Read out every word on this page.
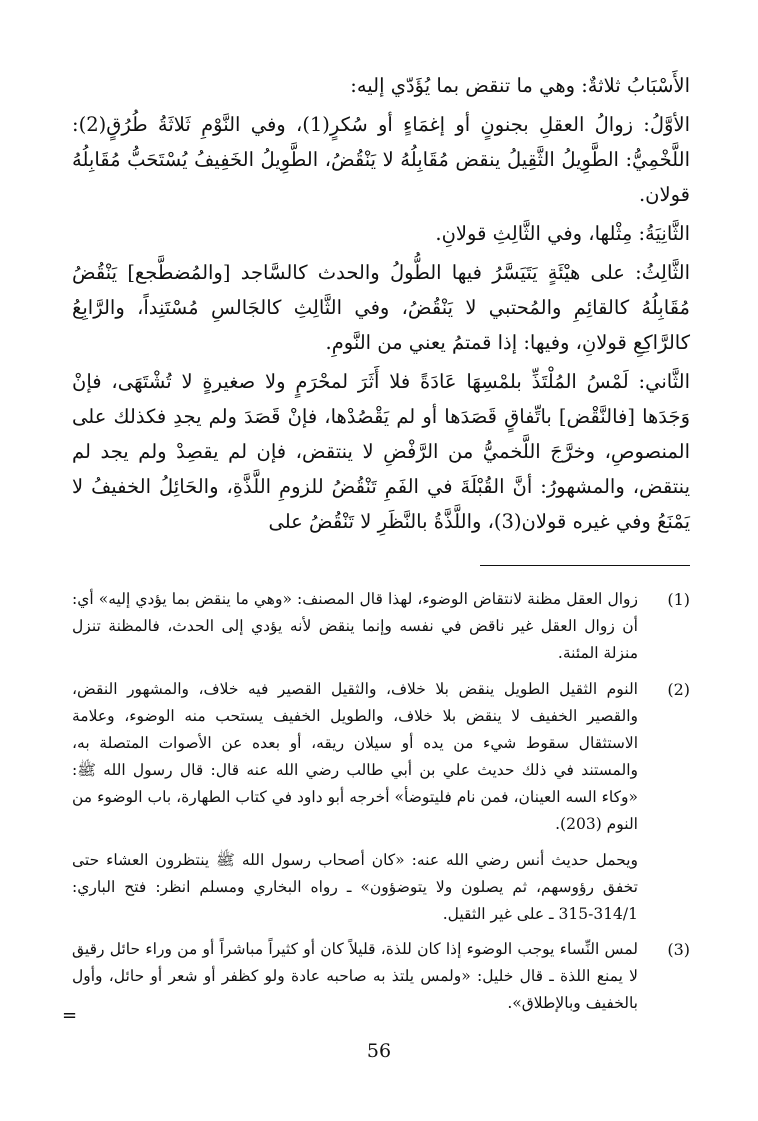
الأَسْبَابُ ثلاثةٌ: وهي ما تنقض بما يُؤَدّي إليه:

الأوَّلُ: زوالُ العقلِ بجنونٍ أو إغمَاءٍ أو سُكرٍ(1)، وفي النَّوْمِ ثَلاثَةُ طُرُقٍ(2): اللَّخْمِيُّ: الطَّوِيلُ الثَّقِيلُ ينقض مُقَابِلُهُ لا يَنْقُضُ، الطَّوِيلُ الخَفِيفُ يُسْتَحَبُّ مُقَابِلُهُ قولان.

الثَّانِيَةُ: مِثْلها، وفي الثَّالِثِ قولانِ.

الثَّالِثُ: على هيْئَةٍ يَتَيَسَّرُ فيها الطُّولُ والحدث كالسَّاجد [والمُضطَّجع] يَنْقُضُ مُقَابِلُهُ كالقائِمِ والمُحتبي لا يَنْقُضُ، وفي الثَّالِثِ كالجَالسِ مُسْتَنِداً، والرَّابِعُ كالرَّاكِعِ قولانِ، وفيها: إذا قمتمُ يعني من النَّومِ.

الثَّاني: لَمْسُ المُلْتَذِّ بلمْسِهَا عَادَةً فلا أَثَرَ لمحْرَمٍ ولا صغيرةٍ لا تُشْتَهَى، فإنْ وَجَدَها [فالنَّقْض] باتِّفاقٍ قَصَدَها أو لم يَقْصُدْها، فإنْ قَصَدَ ولم يجدِ فكذلك على المنصوصِ، وخرَّجَ اللَّخميُّ من الرَّفْضِ لا ينتقض، فإن لم يقصِدْ ولم يجد لم ينتقض، والمشهورُ: أنَّ القُبْلَةَ في الفَمِ تَنْقُضُ للزومِ اللَّذَّةِ، والحَائِلُ الخفيفُ لا يَمْنَعُ وفي غيره قولان(3)، واللَّذَّةُ بالنَّظَرِ لا تَنْقُضُ على

(1)

زوال العقل مظنة لانتقاض الوضوء، لهذا قال المصنف: «وهي ما ينقض بما يؤدي إليه» أي: أن زوال العقل غير ناقض في نفسه وإنما ينقض لأنه يؤدي إلى الحدث، فالمظنة تنزل منزلة المئنة.

(2)

النوم الثقيل الطويل ينقض بلا خلاف، والثقيل القصير فيه خلاف، والمشهور النقض، والقصير الخفيف لا ينقض بلا خلاف، والطويل الخفيف يستحب منه الوضوء، وعلامة الاستثقال سقوط شيء من يده أو سيلان ريقه، أو بعده عن الأصوات المتصلة به، والمستند في ذلك حديث علي بن أبي طالب رضي الله عنه قال: قال رسول الله ﷺ: «وكاء السه العينان، فمن نام فليتوضأ» أخرجه أبو داود في كتاب الطهارة، باب الوضوء من النوم (203).

ويحمل حديث أنس رضي الله عنه: «كان أصحاب رسول الله ﷺ ينتظرون العشاء حتى تخفق رؤوسهم، ثم يصلون ولا يتوضؤون» ـ رواه البخاري ومسلم انظر: فتح الباري: 314/1-315 ـ على غير الثقيل.

(3)

لمس النِّساء يوجب الوضوء إذا كان للذة، قليلاً كان أو كثيراً مباشراً أو من وراء حائل رقيق لا يمنع اللذة ـ قال خليل: «ولمس يلتذ به صاحبه عادة ولو كظفر أو شعر أو حائل، وأول بالخفيف وبالإطلاق».

=
56
